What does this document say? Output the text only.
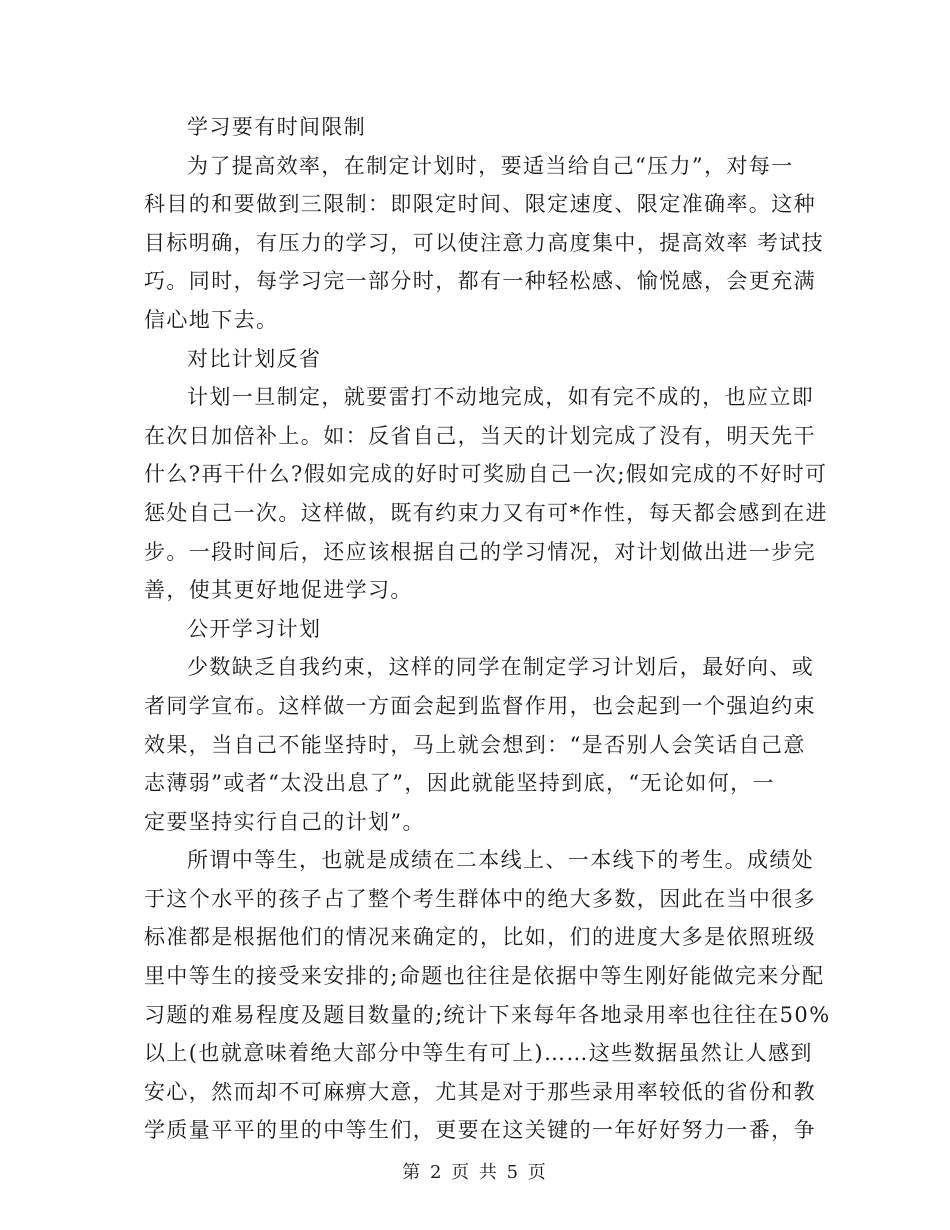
学习要有时间限制
为了提高效率，在制定计划时，要适当给自己“压力”，对每一
科目的和要做到三限制：即限定时间、限定速度、限定准确率。这种
目标明确，有压力的学习，可以使注意力高度集中，提高效率 考试技
巧。同时，每学习完一部分时，都有一种轻松感、愉悦感，会更充满
信心地下去。
对比计划反省
计划一旦制定，就要雷打不动地完成，如有完不成的，也应立即
在次日加倍补上。如：反省自己，当天的计划完成了没有，明天先干
什么?再干什么?假如完成的好时可奖励自己一次;假如完成的不好时可
惩处自己一次。这样做，既有约束力又有可*作性，每天都会感到在进
步。一段时间后，还应该根据自己的学习情况，对计划做出进一步完
善，使其更好地促进学习。
公开学习计划
少数缺乏自我约束，这样的同学在制定学习计划后，最好向、或
者同学宣布。这样做一方面会起到监督作用，也会起到一个强迫约束
效果，当自己不能坚持时，马上就会想到：“是否别人会笑话自己意
志薄弱”或者“太没出息了”，因此就能坚持到底，“无论如何，一
定要坚持实行自己的计划”。
所谓中等生，也就是成绩在二本线上、一本线下的考生。成绩处
于这个水平的孩子占了整个考生群体中的绝大多数，因此在当中很多
标准都是根据他们的情况来确定的，比如，们的进度大多是依照班级
里中等生的接受来安排的;命题也往往是依据中等生刚好能做完来分配
习题的难易程度及题目数量的;统计下来每年各地录用率也往往在50%
以上(也就意味着绝大部分中等生有可上)……这些数据虽然让人感到
安心，然而却不可麻痹大意，尤其是对于那些录用率较低的省份和教
学质量平平的里的中等生们，更要在这关键的一年好好努力一番，争
第 2 页 共 5 页
